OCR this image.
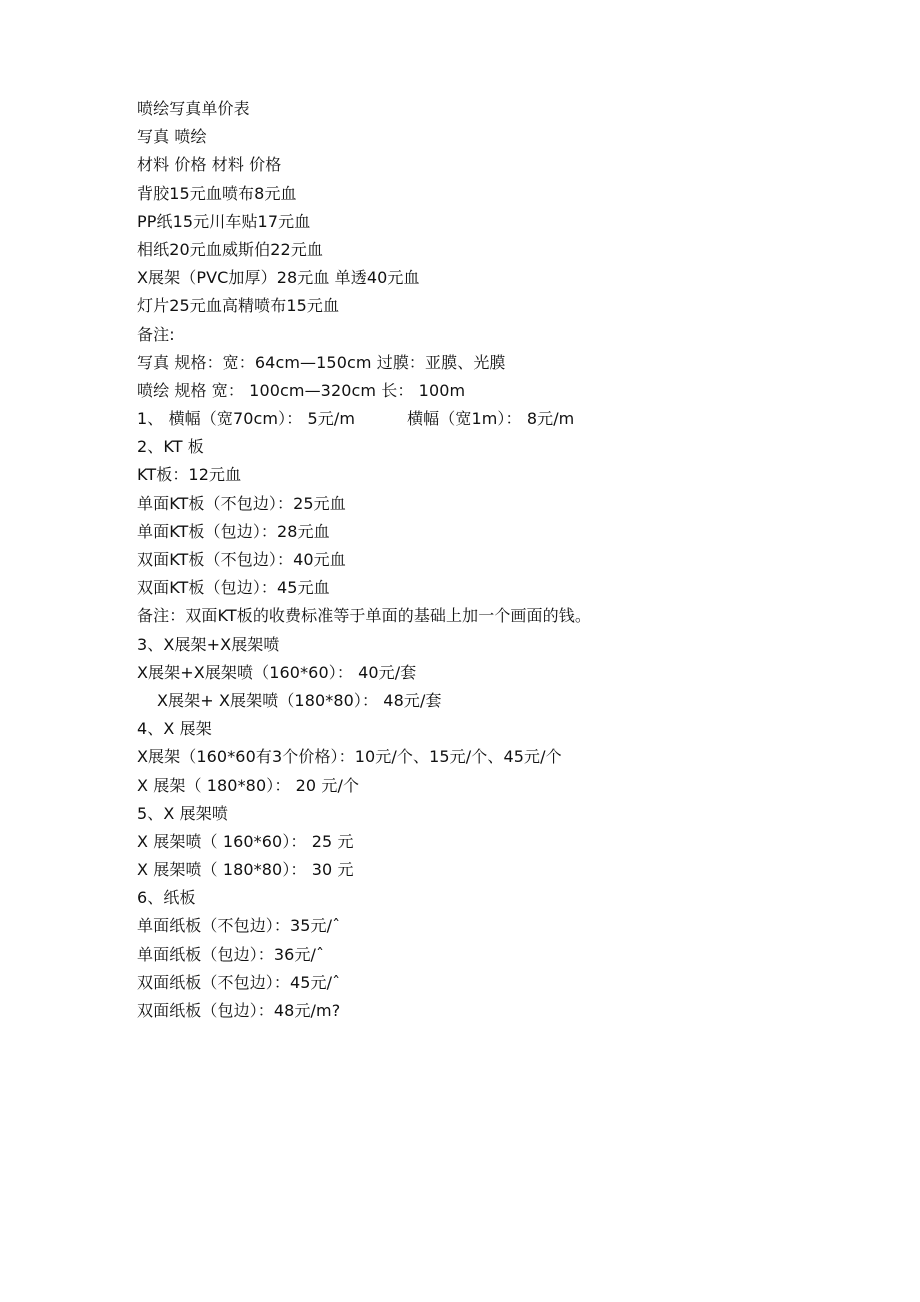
喷绘写真单价表
写真 喷绘
材料 价格 材料 价格
背胶15元血喷布8元血
PP纸15元川车贴17元血
相纸20元血威斯伯22元血
X展架（PVC加厚）28元血 单透40元血
灯片25元血高精喷布15元血
备注:
写真 规格：宽：64cm—150cm 过膜：亚膜、光膜
喷绘 规格 宽： 100cm—320cm 长： 100m
1、 横幅（宽70cm）： 5元/m	横幅（宽1m）： 8元/m
2、KT 板
KT板：12元血
单面KT板（不包边）：25元血
单面KT板（包边）：28元血
双面KT板（不包边）：40元血
双面KT板（包边）：45元血
备注：双面KT板的收费标准等于单面的基础上加一个画面的钱。
3、X展架+X展架喷
X展架+X展架喷（160*60）： 40元/套
X展架+ X展架喷（180*80）： 48元/套
4、X 展架
X展架（160*60有3个价格）：10元/个、15元/个、45元/个
X 展架（ 180*80）： 20 元/个
5、X 展架喷
X 展架喷（ 160*60）： 25 元
X 展架喷（ 180*80）： 30 元
6、纸板
单面纸板（不包边）：35元/ˆ
单面纸板（包边）：36元/ˆ
双面纸板（不包边）：45元/ˆ
双面纸板（包边）：48元/m?
